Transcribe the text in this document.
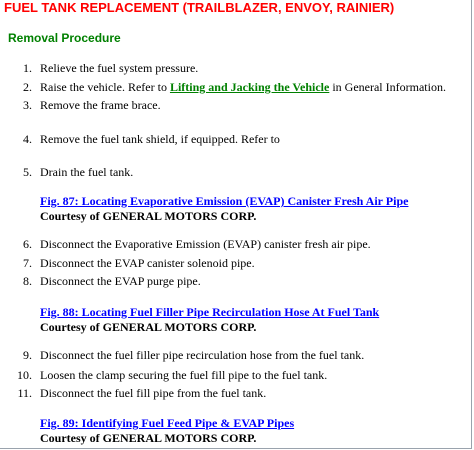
FUEL TANK REPLACEMENT (TRAILBLAZER, ENVOY, RAINIER)
Removal Procedure
1. Relieve the fuel system pressure.
2. Raise the vehicle. Refer to Lifting and Jacking the Vehicle in General Information.
3. Remove the frame brace.
4. Remove the fuel tank shield, if equipped. Refer to
5. Drain the fuel tank.
Fig. 87: Locating Evaporative Emission (EVAP) Canister Fresh Air Pipe
Courtesy of GENERAL MOTORS CORP.
6. Disconnect the Evaporative Emission (EVAP) canister fresh air pipe.
7. Disconnect the EVAP canister solenoid pipe.
8. Disconnect the EVAP purge pipe.
Fig. 88: Locating Fuel Filler Pipe Recirculation Hose At Fuel Tank
Courtesy of GENERAL MOTORS CORP.
9. Disconnect the fuel filler pipe recirculation hose from the fuel tank.
10. Loosen the clamp securing the fuel fill pipe to the fuel tank.
11. Disconnect the fuel fill pipe from the fuel tank.
Fig. 89: Identifying Fuel Feed Pipe & EVAP Pipes
Courtesy of GENERAL MOTORS CORP.
